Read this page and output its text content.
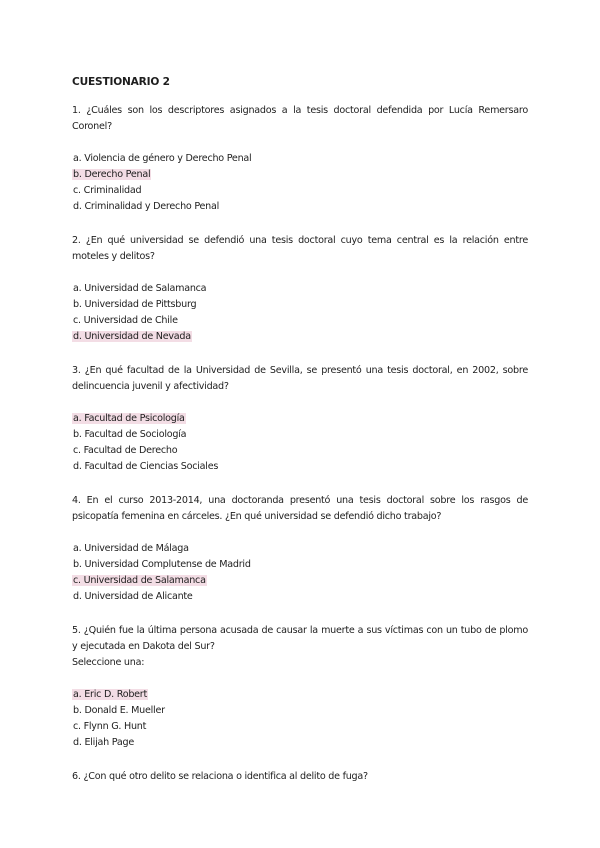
CUESTIONARIO 2
1. ¿Cuáles son los descriptores asignados a la tesis doctoral defendida por Lucía Remersaro Coronel?
a. Violencia de género y Derecho Penal
b. Derecho Penal
c. Criminalidad
d. Criminalidad y Derecho Penal
2. ¿En qué universidad se defendió una tesis doctoral cuyo tema central es la relación entre moteles y delitos?
a. Universidad de Salamanca
b. Universidad de Pittsburg
c. Universidad de Chile
d. Universidad de Nevada
3. ¿En qué facultad de la Universidad de Sevilla, se presentó una tesis doctoral, en 2002, sobre delincuencia juvenil y afectividad?
a. Facultad de Psicología
b. Facultad de Sociología
c. Facultad de Derecho
d. Facultad de Ciencias Sociales
4. En el curso 2013-2014, una doctoranda presentó una tesis doctoral sobre los rasgos de psicopatía femenina en cárceles. ¿En qué universidad se defendió dicho trabajo?
a. Universidad de Málaga
b. Universidad Complutense de Madrid
c. Universidad de Salamanca
d. Universidad de Alicante
5. ¿Quién fue la última persona acusada de causar la muerte a sus víctimas con un tubo de plomo y ejecutada en Dakota del Sur?
Seleccione una:
a. Eric D. Robert
b. Donald E. Mueller
c. Flynn G. Hunt
d. Elijah Page
6. ¿Con qué otro delito se relaciona o identifica al delito de fuga?
